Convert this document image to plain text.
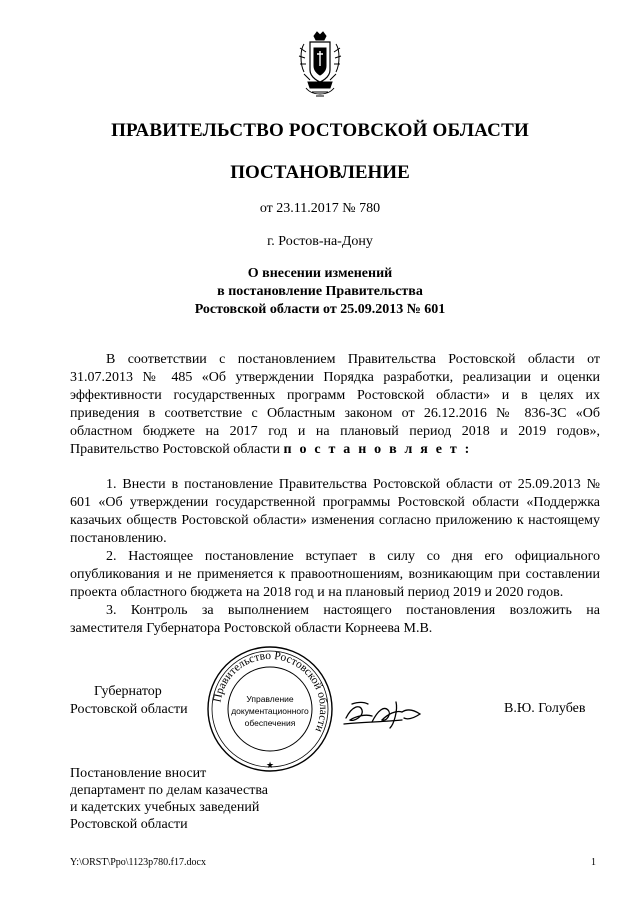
ПРАВИТЕЛЬСТВО РОСТОВСКОЙ ОБЛАСТИ
ПОСТАНОВЛЕНИЕ
от 23.11.2017 № 780
г. Ростов-на-Дону
О внесении изменений
в постановление Правительства
Ростовской области от 25.09.2013 № 601

В соответствии с постановлением Правительства Ростовской области от 31.07.2013 № 485 «Об утверждении Порядка разработки, реализации и оценки эффективности государственных программ Ростовской области» и в целях их приведения в соответствие с Областным законом от 26.12.2016 № 836-ЗС «Об областном бюджете на 2017 год и на плановый период 2018 и 2019 годов», Правительство Ростовской области п о с т а н о в л я е т :

1. Внести в постановление Правительства Ростовской области от 25.09.2013 № 601 «Об утверждении государственной программы Ростовской области «Поддержка казачьих обществ Ростовской области» изменения согласно приложению к настоящему постановлению.

2. Настоящее постановление вступает в силу со дня его официального опубликования и не применяется к правоотношениям, возникающим при составлении проекта областного бюджета на 2018 год и на плановый период 2019 и 2020 годов.

3. Контроль за выполнением настоящего постановления возложить на заместителя Губернатора Ростовской области Корнеева М.В.

Губернатор
Ростовской области
Правительство Ростовской области
Управление
документационного
обеспечения
★
В.Ю. Голубев
Постановление вносит
департамент по делам казачества
и кадетских учебных заведений
Ростовской области
Y:\ORST\Ppo\1123p780.f17.docx	1
